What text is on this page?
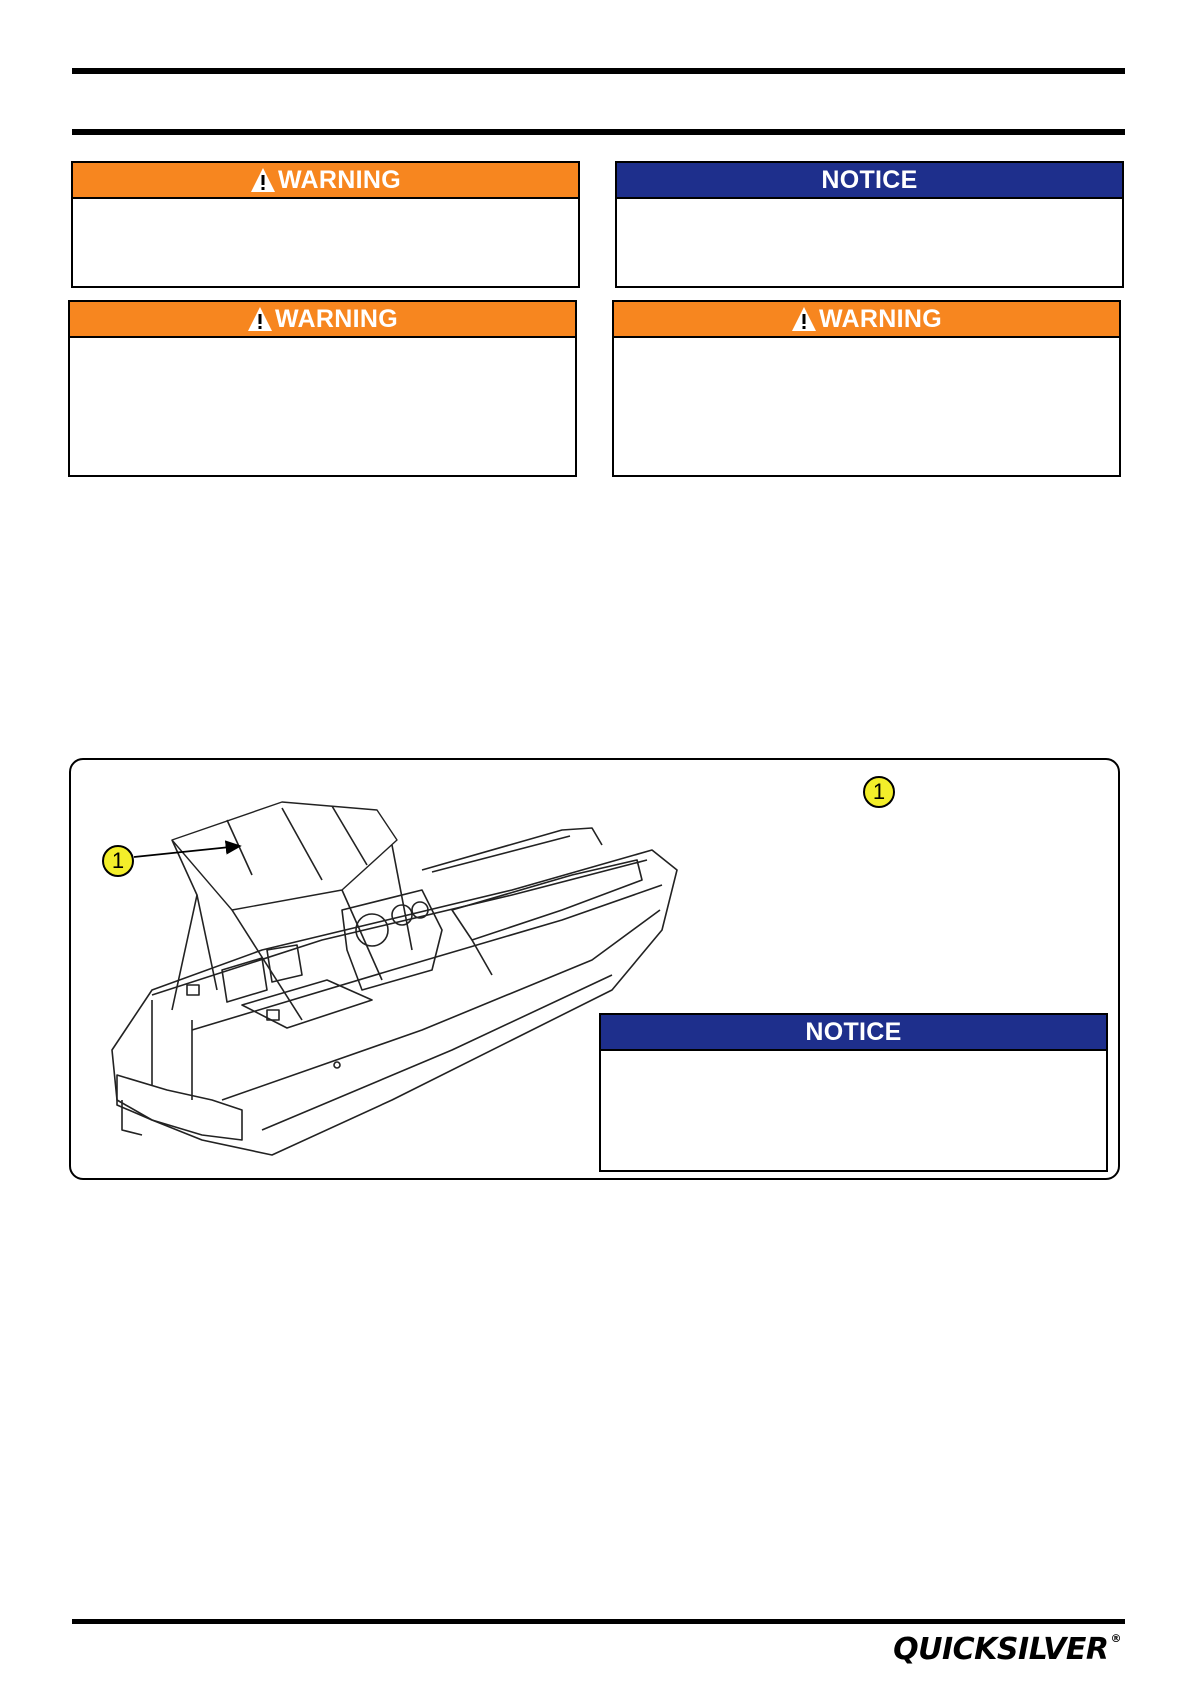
WARNING	NOTICE
WARNING	WARNING
1
1
NOTICE
QUICKSILVER ®
